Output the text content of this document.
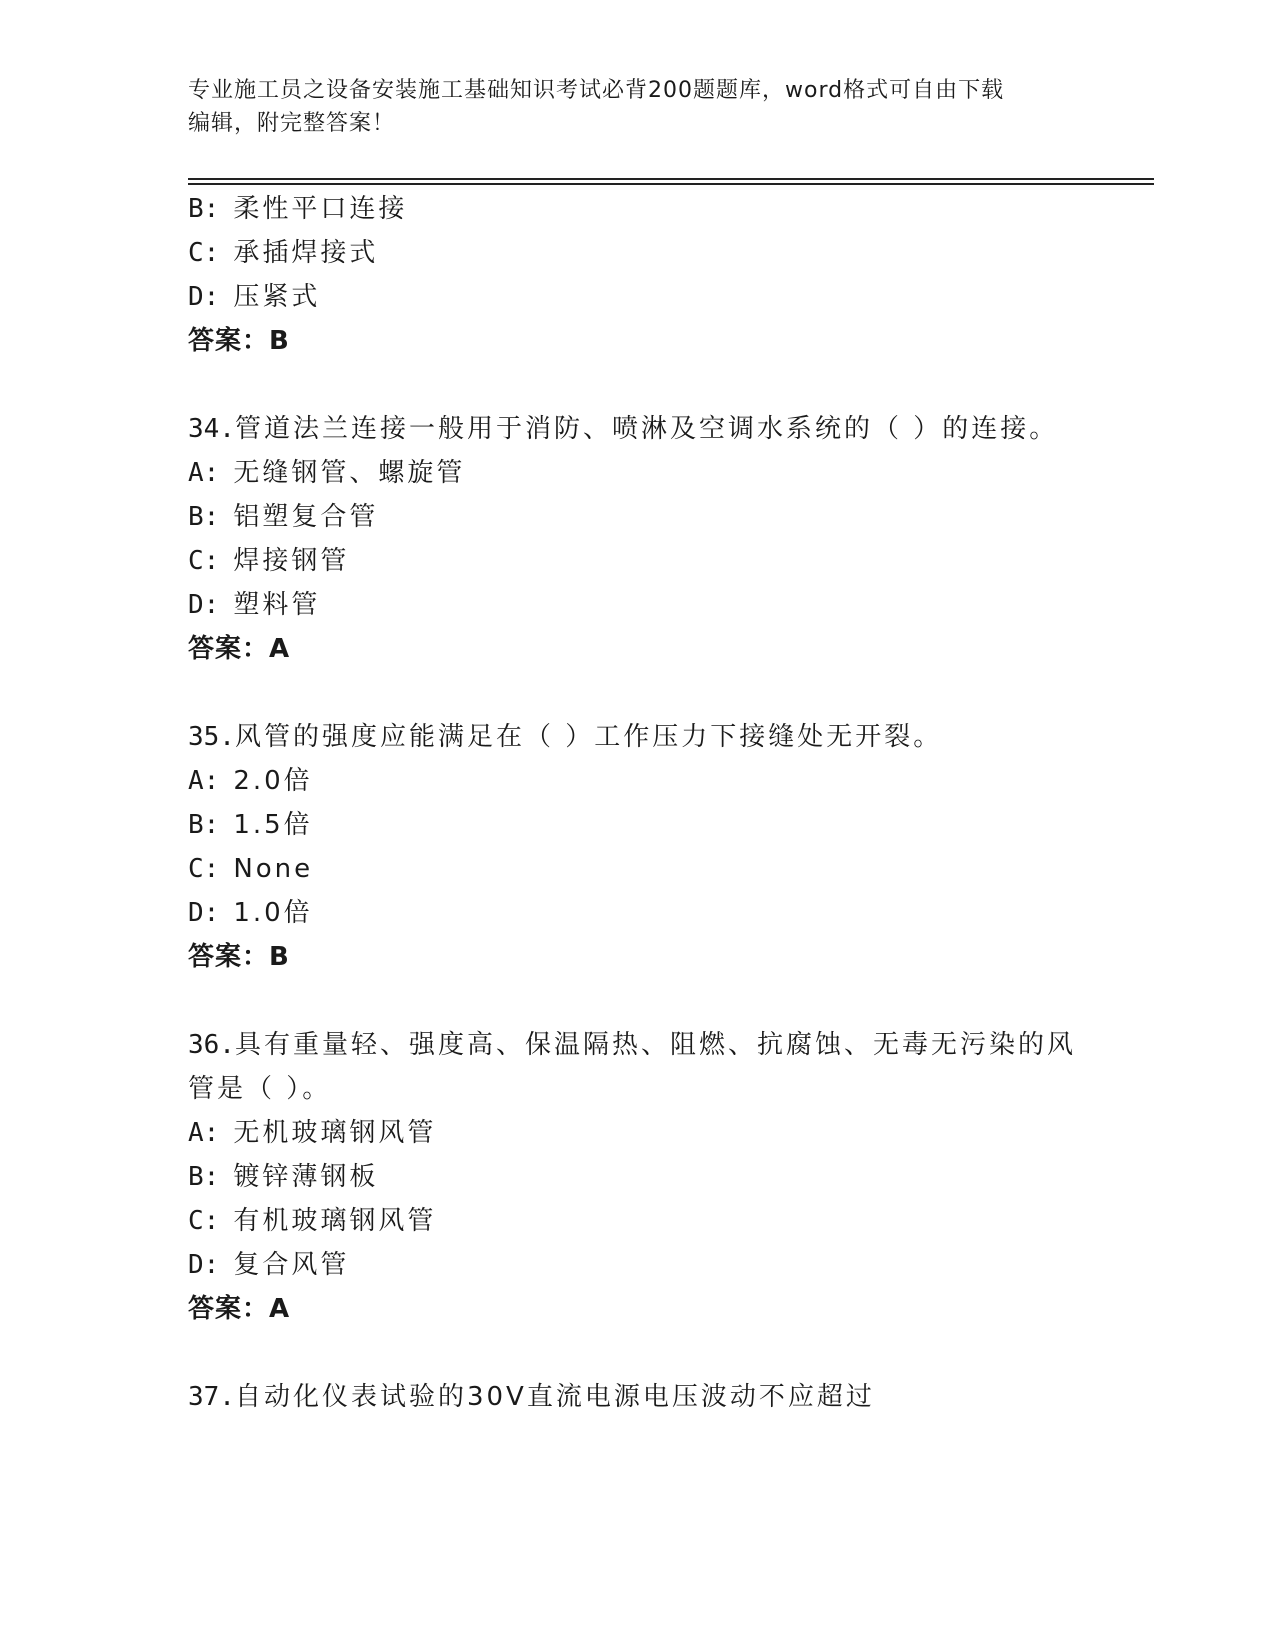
专业施工员之设备安装施工基础知识考试必背200题题库，word格式可自由下载
编辑，附完整答案！
B: 柔性平口连接
C: 承插焊接式
D: 压紧式
答案：B
34.管道法兰连接一般用于消防、喷淋及空调水系统的（ ）的连接。
A: 无缝钢管、螺旋管
B: 铝塑复合管
C: 焊接钢管
D: 塑料管
答案：A
35.风管的强度应能满足在（ ）工作压力下接缝处无开裂。
A: 2.0倍
B: 1.5倍
C: None
D: 1.0倍
答案：B
36.具有重量轻、强度高、保温隔热、阻燃、抗腐蚀、无毒无污染的风
管是（ ）。
A: 无机玻璃钢风管
B: 镀锌薄钢板
C: 有机玻璃钢风管
D: 复合风管
答案：A
37.自动化仪表试验的30V直流电源电压波动不应超过
